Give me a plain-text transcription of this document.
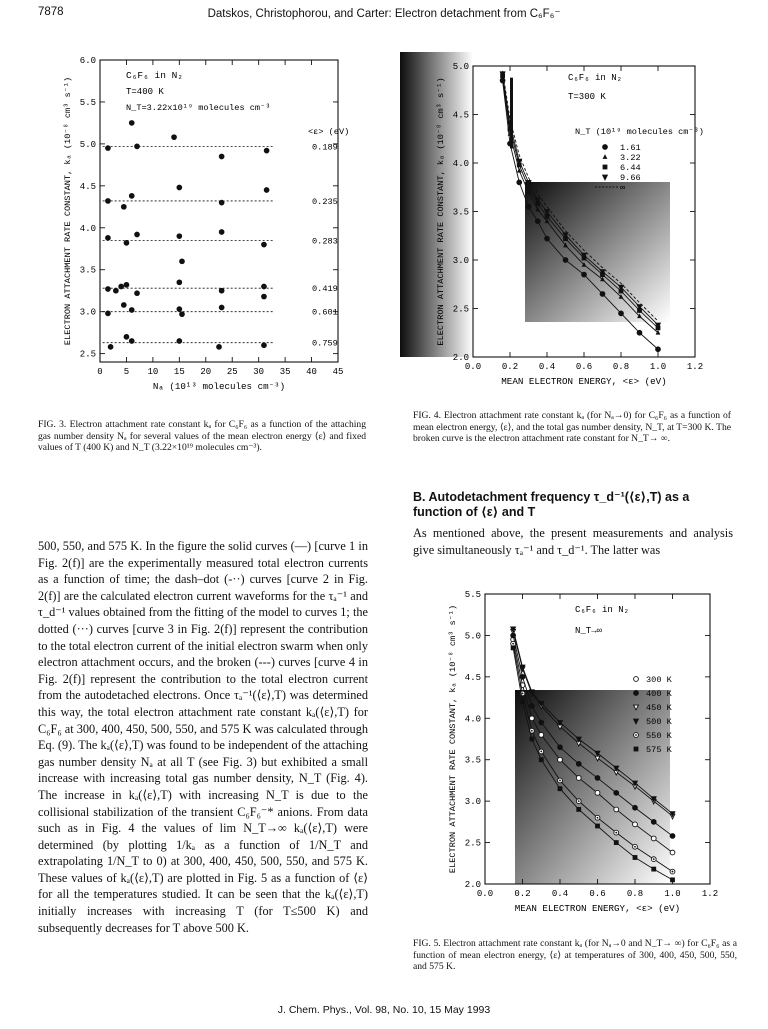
7878	Datskos, Christophorou, and Carter: Electron detachment from C₆F₆⁻
0 5 10 15 20 25 30 35 40 45
2.5
3.0
3.5
4.0
4.5
5.0
5.5
6.0
Nₐ (10¹³ molecules cm⁻³)
ELECTRON ATTACHMENT RATE CONSTANT, kₐ (10⁻⁸ cm³ s⁻¹)
C₆F₆ in N₂
T=400 K
N_T=3.22x10¹⁹ molecules cm⁻³
<ε> (eV)
0.189
0.235
0.283
0.419
0.601
0.759
FIG. 3. Electron attachment rate constant kₐ for C₆F₆ as a function of the attaching gas number density Nₐ for several values of the mean electron energy ⟨ε⟩ and fixed values of T (400 K) and N_T (3.22×10¹⁹ molecules cm⁻³).
0.0 0.2 0.4 0.6 0.8 1.0 1.2
2.0
2.5
3.0
3.5
4.0
4.5
5.0
MEAN ELECTRON ENERGY, <ε> (eV)
ELECTRON ATTACHMENT RATE CONSTANT, kₐ (10⁻⁸ cm³ s⁻¹)	C₆F₆ in N₂
T=300 K
N_T (10¹⁹ molecules cm⁻³)
1.61
3.22
6.44
9.66
∞
FIG. 4. Electron attachment rate constant kₐ (for Nₐ→0) for C₆F₆ as a function of mean electron energy, ⟨ε⟩, and the total gas number density, N_T, at T=300 K. The broken curve is the electron attachment rate constant for N_T→ ∞.
B. Autodetachment frequency τ_d⁻¹(⟨ε⟩,T) as a function of ⟨ε⟩ and T
As mentioned above, the present measurements and analysis give simultaneously τₐ⁻¹ and τ_d⁻¹. The latter was
500, 550, and 575 K. In the figure the solid curves (—) [curve 1 in Fig. 2(f)] are the experimentally measured total electron currents as a function of time; the dash–dot (-··) curves [curve 2 in Fig. 2(f)] are the calculated electron current waveforms for the τₐ⁻¹ and τ_d⁻¹ values obtained from the fitting of the model to curves 1; the dotted (···) curves [curve 3 in Fig. 2(f)] represent the contribution to the total electron current of the initial electron swarm when only electron attachment occurs, and the broken (---) curves [curve 4 in Fig. 2(f)] represent the contribution to the total electron current from the autodetached electrons. Once τₐ⁻¹(⟨ε⟩,T) was determined this way, the total electron attachment rate constant kₐ(⟨ε⟩,T) for C₆F₆ at 300, 400, 450, 500, 550, and 575 K was calculated through Eq. (9). The kₐ(⟨ε⟩,T) was found to be independent of the attaching gas number density Nₐ at all T (see Fig. 3) but exhibited a small increase with increasing total gas number density, N_T (Fig. 4). The increase in kₐ(⟨ε⟩,T) with increasing N_T is due to the collisional stabilization of the transient C₆F₆⁻* anions. From data such as in Fig. 4 the values of lim N_T→∞ kₐ(⟨ε⟩,T) were determined (by plotting 1/kₐ as a function of 1/N_T and extrapolating 1/N_T to 0) at 300, 400, 450, 500, 550, and 575 K. These values of kₐ(⟨ε⟩,T) are plotted in Fig. 5 as a function of ⟨ε⟩ for all the temperatures studied. It can be seen that the kₐ(⟨ε⟩,T) initially increases with increasing T (for T≤500 K) and subsequently decreases for T above 500 K.
0.0 0.2 0.4 0.6 0.8 1.0 1.2
2.0
2.5
3.0
3.5
4.0
4.5
5.0
5.5
MEAN ELECTRON ENERGY, <ε> (eV)
ELECTRON ATTACHMENT RATE CONSTANT, kₐ (10⁻⁸ cm³ s⁻¹)	C₆F₆ in N₂
N_T→∞
300 K
400 K
450 K
500 K
550 K
575 K
FIG. 5. Electron attachment rate constant kₐ (for Nₐ→0 and N_T→ ∞) for C₆F₆ as a function of mean electron energy, ⟨ε⟩ at temperatures of 300, 400, 450, 500, 550, and 575 K.
J. Chem. Phys., Vol. 98, No. 10, 15 May 1993
